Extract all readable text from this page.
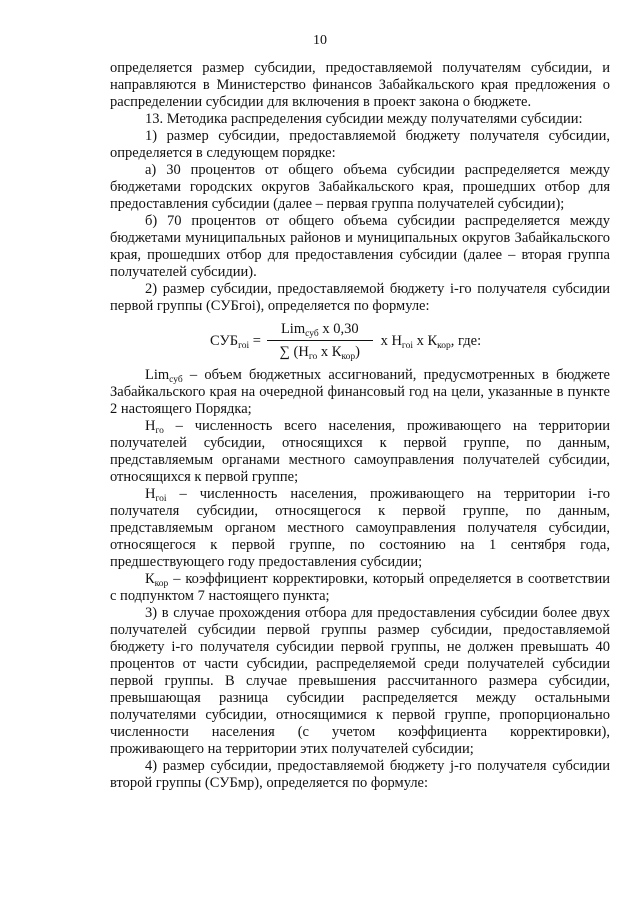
10

определяется размер субсидии, предоставляемой получателям субсидии, и направляются в Министерство финансов Забайкальского края предложения о распределении субсидии для включения в проект закона о бюджете.

13. Методика распределения субсидии между получателями субсидии:

1) размер субсидии, предоставляемой бюджету получателя субсидии, определяется в следующем порядке:

а) 30 процентов от общего объема субсидии распределяется между бюджетами городских округов Забайкальского края, прошедших отбор для предоставления субсидии (далее – первая группа получателей субсидии);

б) 70 процентов от общего объема субсидии распределяется между бюджетами муниципальных районов и муниципальных округов Забайкальского края, прошедших отбор для предоставления субсидии (далее – вторая группа получателей субсидии).

2) размер субсидии, предоставляемой бюджету i-го получателя субсидии первой группы (СУБгоi), определяется по формуле:

$СУБ_{гоi} = \frac{Lim_{суб} x 0,30}{\sum (Н_{го} x К_{кор})}$ x $Н_{гоi}$ x $К_{кор}$, где:

Lim$_{суб}$ – объем бюджетных ассигнований, предусмотренных в бюджете Забайкальского края на очередной финансовый год на цели, указанные в пункте 2 настоящего Порядка;

$Н_{го}$ – численность всего населения, проживающего на территории получателей субсидии, относящихся к первой группе, по данным, представляемым органами местного самоуправления получателей субсидии, относящихся к первой группе;

$Н_{гоi}$ – численность населения, проживающего на территории i-го получателя субсидии, относящегося к первой группе, по данным, представляемым органом местного самоуправления получателя субсидии, относящегося к первой группе, по состоянию на 1 сентября года, предшествующего году предоставления субсидии;

$К_{кор}$ – коэффициент корректировки, который определяется в соответствии с подпунктом 7 настоящего пункта;

3) в случае прохождения отбора для предоставления субсидии более двух получателей субсидии первой группы размер субсидии, предоставляемой бюджету i-го получателя субсидии первой группы, не должен превышать 40 процентов от части субсидии, распределяемой среди получателей субсидии первой группы. В случае превышения рассчитанного размера субсидии, превышающая разница субсидии распределяется между остальными получателями субсидии, относящимися к первой группе, пропорционально численности населения (с учетом коэффициента корректировки), проживающего на территории этих получателей субсидии;

4) размер субсидии, предоставляемой бюджету j-го получателя субсидии второй группы (СУБмр), определяется по формуле:
